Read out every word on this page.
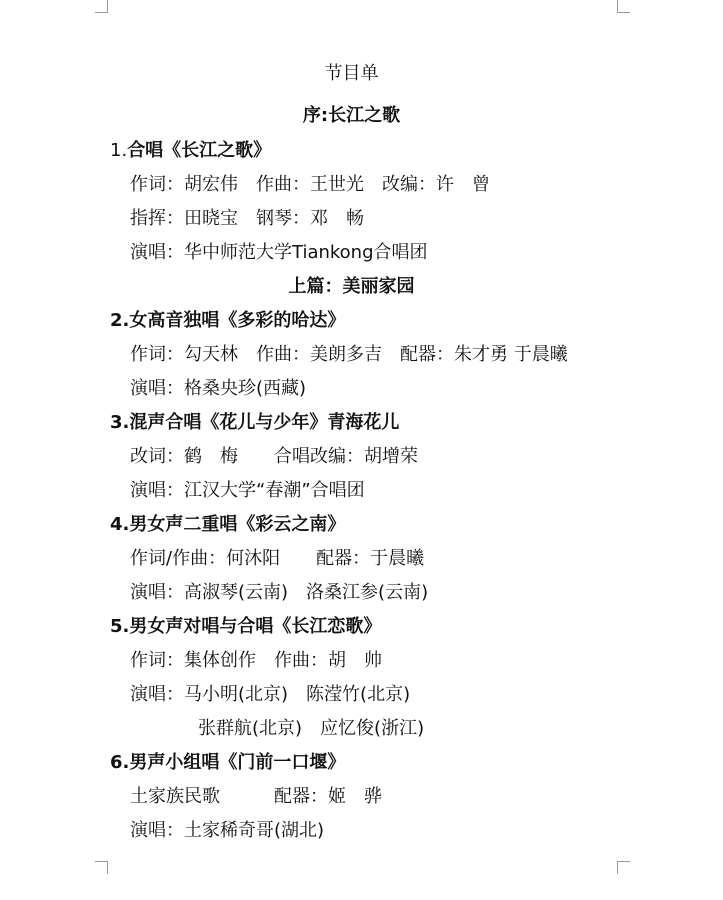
节目单
序:长江之歌
1.合唱《长江之歌》
作词：胡宏伟　作曲：王世光　改编：许　曾
指挥：田晓宝　钢琴：邓　畅
演唱：华中师范大学Tiankong合唱团
上篇：美丽家园
2.女高音独唱《多彩的哈达》
作词：勾天林　作曲：美朗多吉　配器：朱才勇 于晨曦
演唱：格桑央珍(西藏)
3.混声合唱《花儿与少年》青海花儿
改词：鹤　梅　　合唱改编：胡增荣
演唱：江汉大学“春潮”合唱团
4.男女声二重唱《彩云之南》
作词/作曲：何沐阳　　配器：于晨曦
演唱：高淑琴(云南)　洛桑江参(云南)
5.男女声对唱与合唱《长江恋歌》
作词：集体创作　作曲：胡　帅
演唱：马小明(北京)　陈滢竹(北京)
张群航(北京)　应忆俊(浙江)
6.男声小组唱《门前一口堰》
土家族民歌　　　配器：姬　骅
演唱：土家稀奇哥(湖北)
